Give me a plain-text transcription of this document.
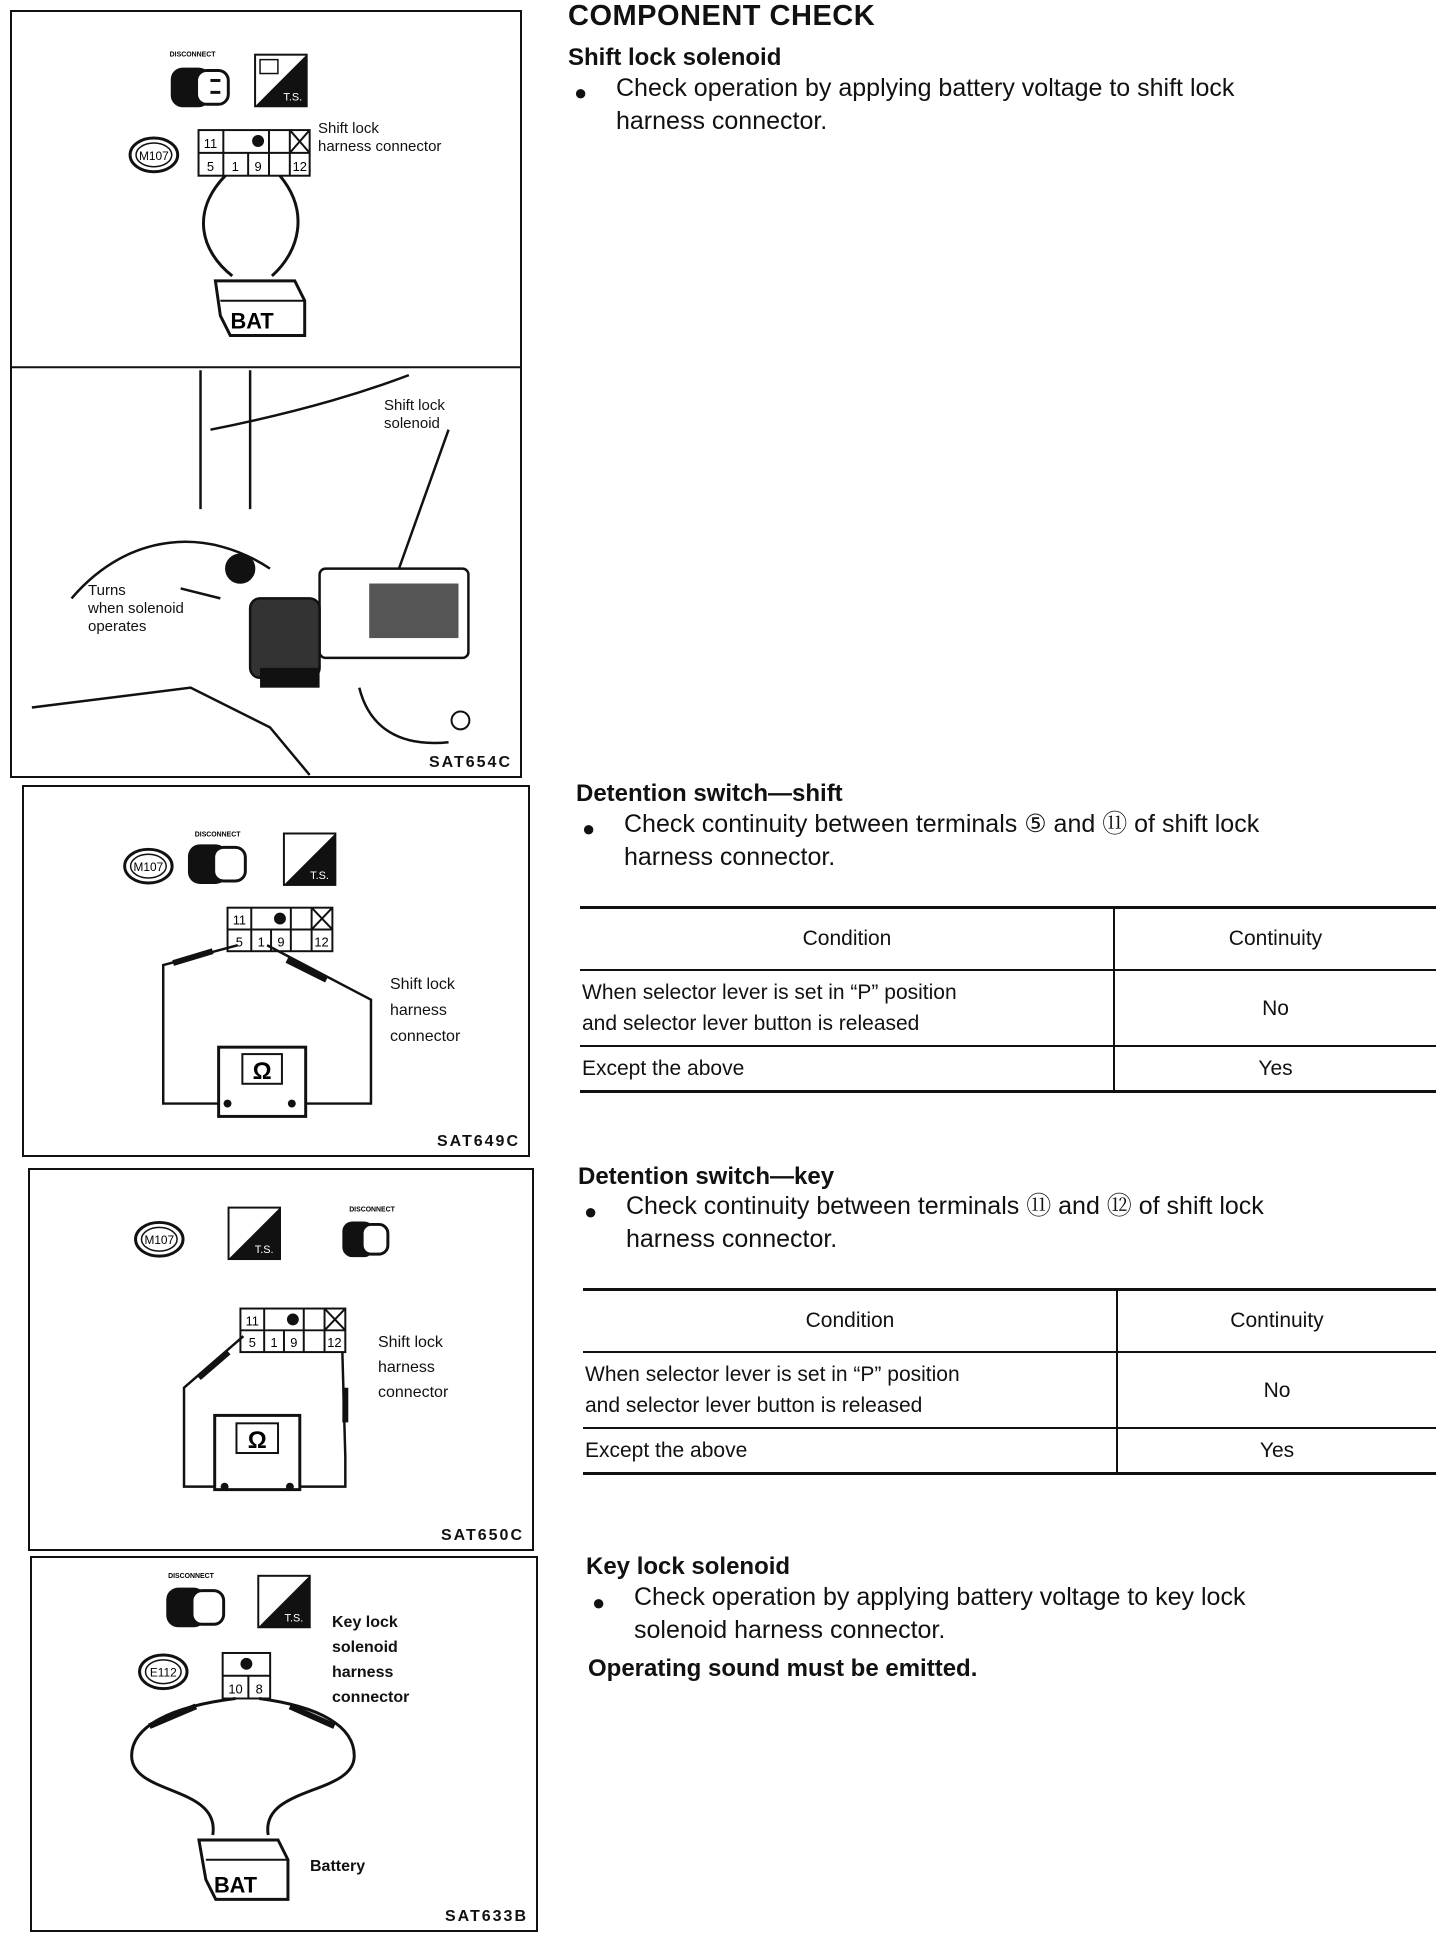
DISCONNECT
T.S.
M107
11
5 1 9 12
BAT
Shift lock
harness connector
Shift lock
solenoid
Turns
when solenoid
operates
SAT654C
M107
DISCONNECT
T.S.
11
5 1 9 12
Ω
Shift lock
harness
connector
SAT649C
M107
T.S.
DISCONNECT
11
5 1 9 12
Ω
Shift lock
harness
connector
SAT650C
DISCONNECT
T.S.
E112
10 8
BAT
Key lock
solenoid
harness
connector
Battery
SAT633B
COMPONENT CHECK
Shift lock solenoid
● Check operation by applying battery voltage to shift lock
harness connector.
Detention switch—shift
● Check continuity between terminals ⑤ and ⑪ of shift lock
harness connector.
Condition	Continuity

When selector lever is set in “P” position
and selector lever button is released	No
Except the above	Yes
Detention switch—key
● Check continuity between terminals ⑪ and ⑫ of shift lock
harness connector.
Condition	Continuity

When selector lever is set in “P” position
and selector lever button is released	No
Except the above	Yes
Key lock solenoid
● Check operation by applying battery voltage to key lock
solenoid harness connector.
Operating sound must be emitted.
